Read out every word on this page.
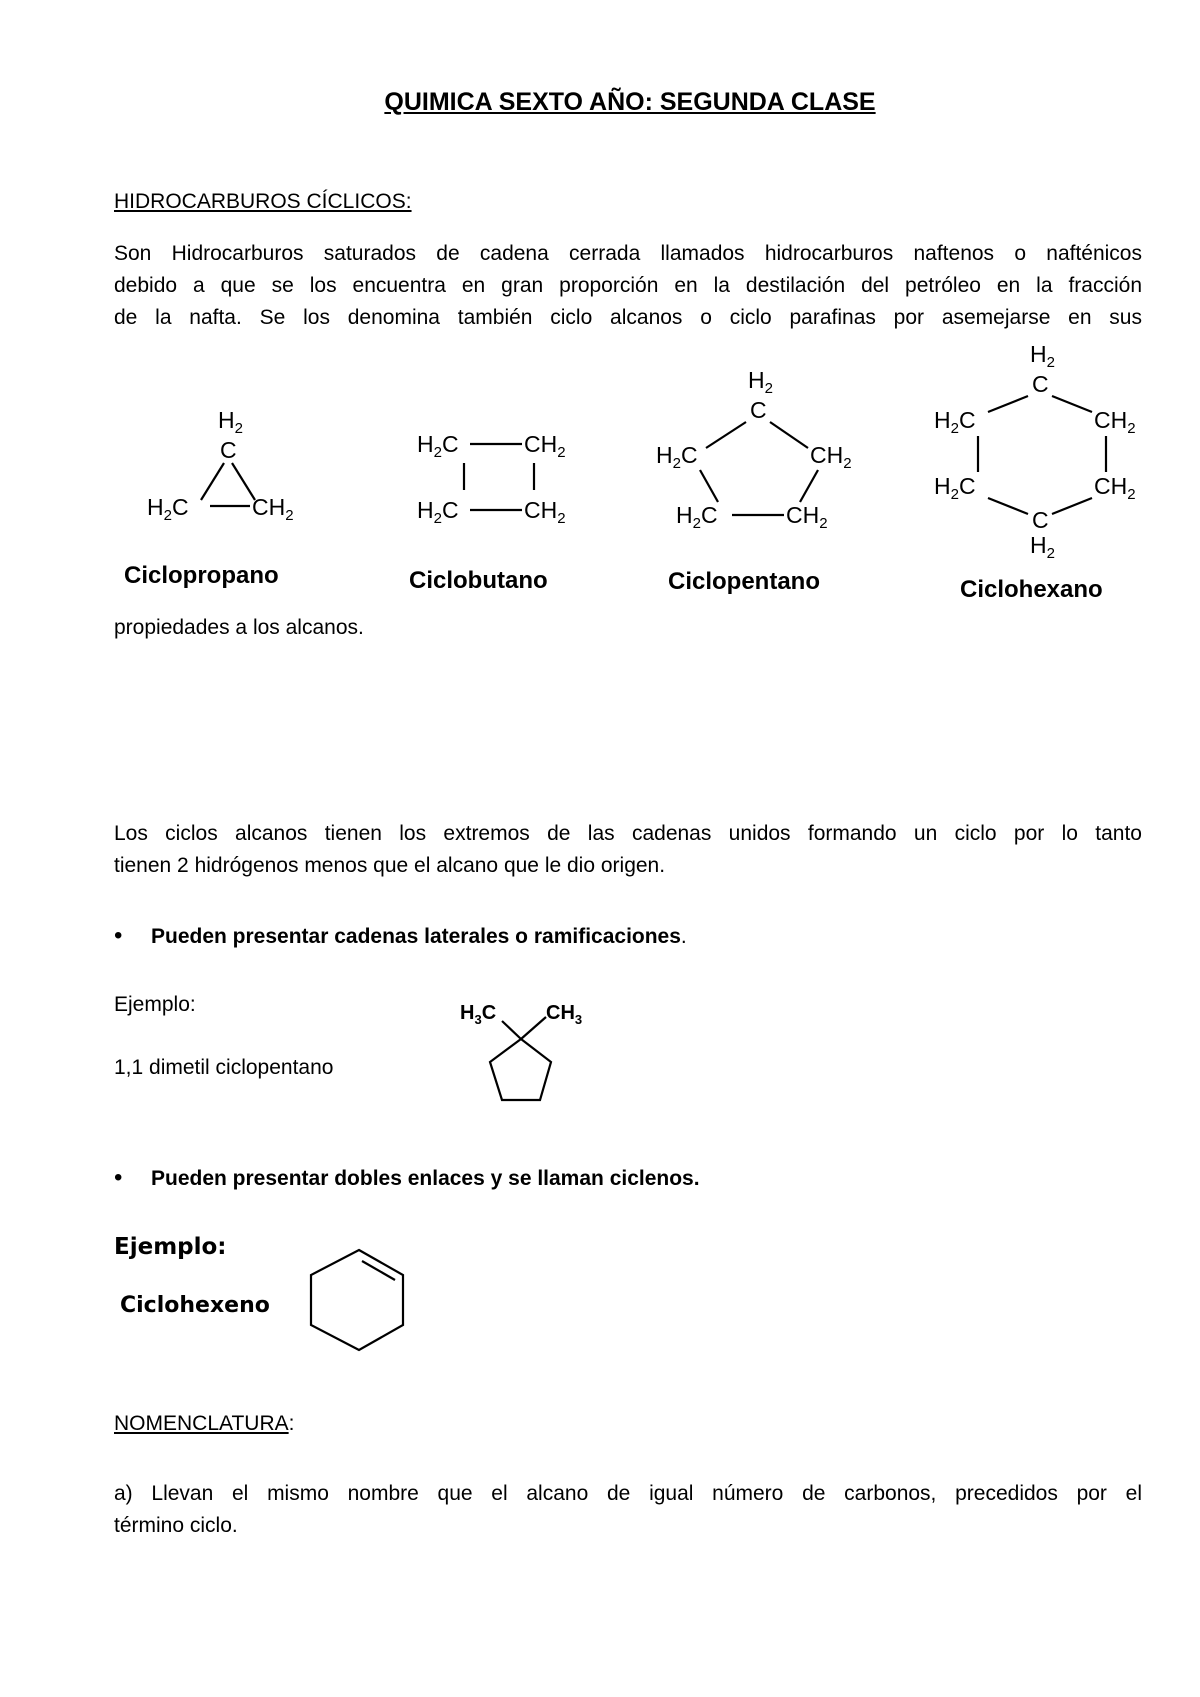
QUIMICA SEXTO AÑO: SEGUNDA CLASE
HIDROCARBUROS CÍCLICOS:
Son Hidrocarburos saturados de cadena cerrada llamados hidrocarburos naftenos o nafténicos
debido a que se los encuentra en gran proporción en la destilación del petróleo en la fracción
de la nafta. Se los denomina también ciclo alcanos o ciclo parafinas por asemejarse en sus
$H_2$
C
$H_2C$	$CH_2$
Ciclopropano
$H_2C$	$CH_2$
$H_2C$	$CH_2$
Ciclobutano
$H_2$
C
$H_2C$	$CH_2$
$H_2C$	$CH_2$
Ciclopentano
$H_2$
C
$H_2C$	$CH_2$
$H_2C$	$CH_2$
C
$H_2$
Ciclohexano
propiedades a los alcanos.
Los ciclos alcanos tienen los extremos de las cadenas unidos formando un ciclo por lo tanto
tienen 2 hidrógenos menos que el alcano que le dio origen.
• Pueden presentar cadenas laterales o ramificaciones.
Ejemplo:
1,1 dimetil ciclopentano
$H_3C$ $CH_3$
• Pueden presentar dobles enlaces y se llaman ciclenos.
Ejemplo:
Ciclohexeno
NOMENCLATURA:
a) Llevan el mismo nombre que el alcano de igual número de carbonos, precedidos por el
término ciclo.
